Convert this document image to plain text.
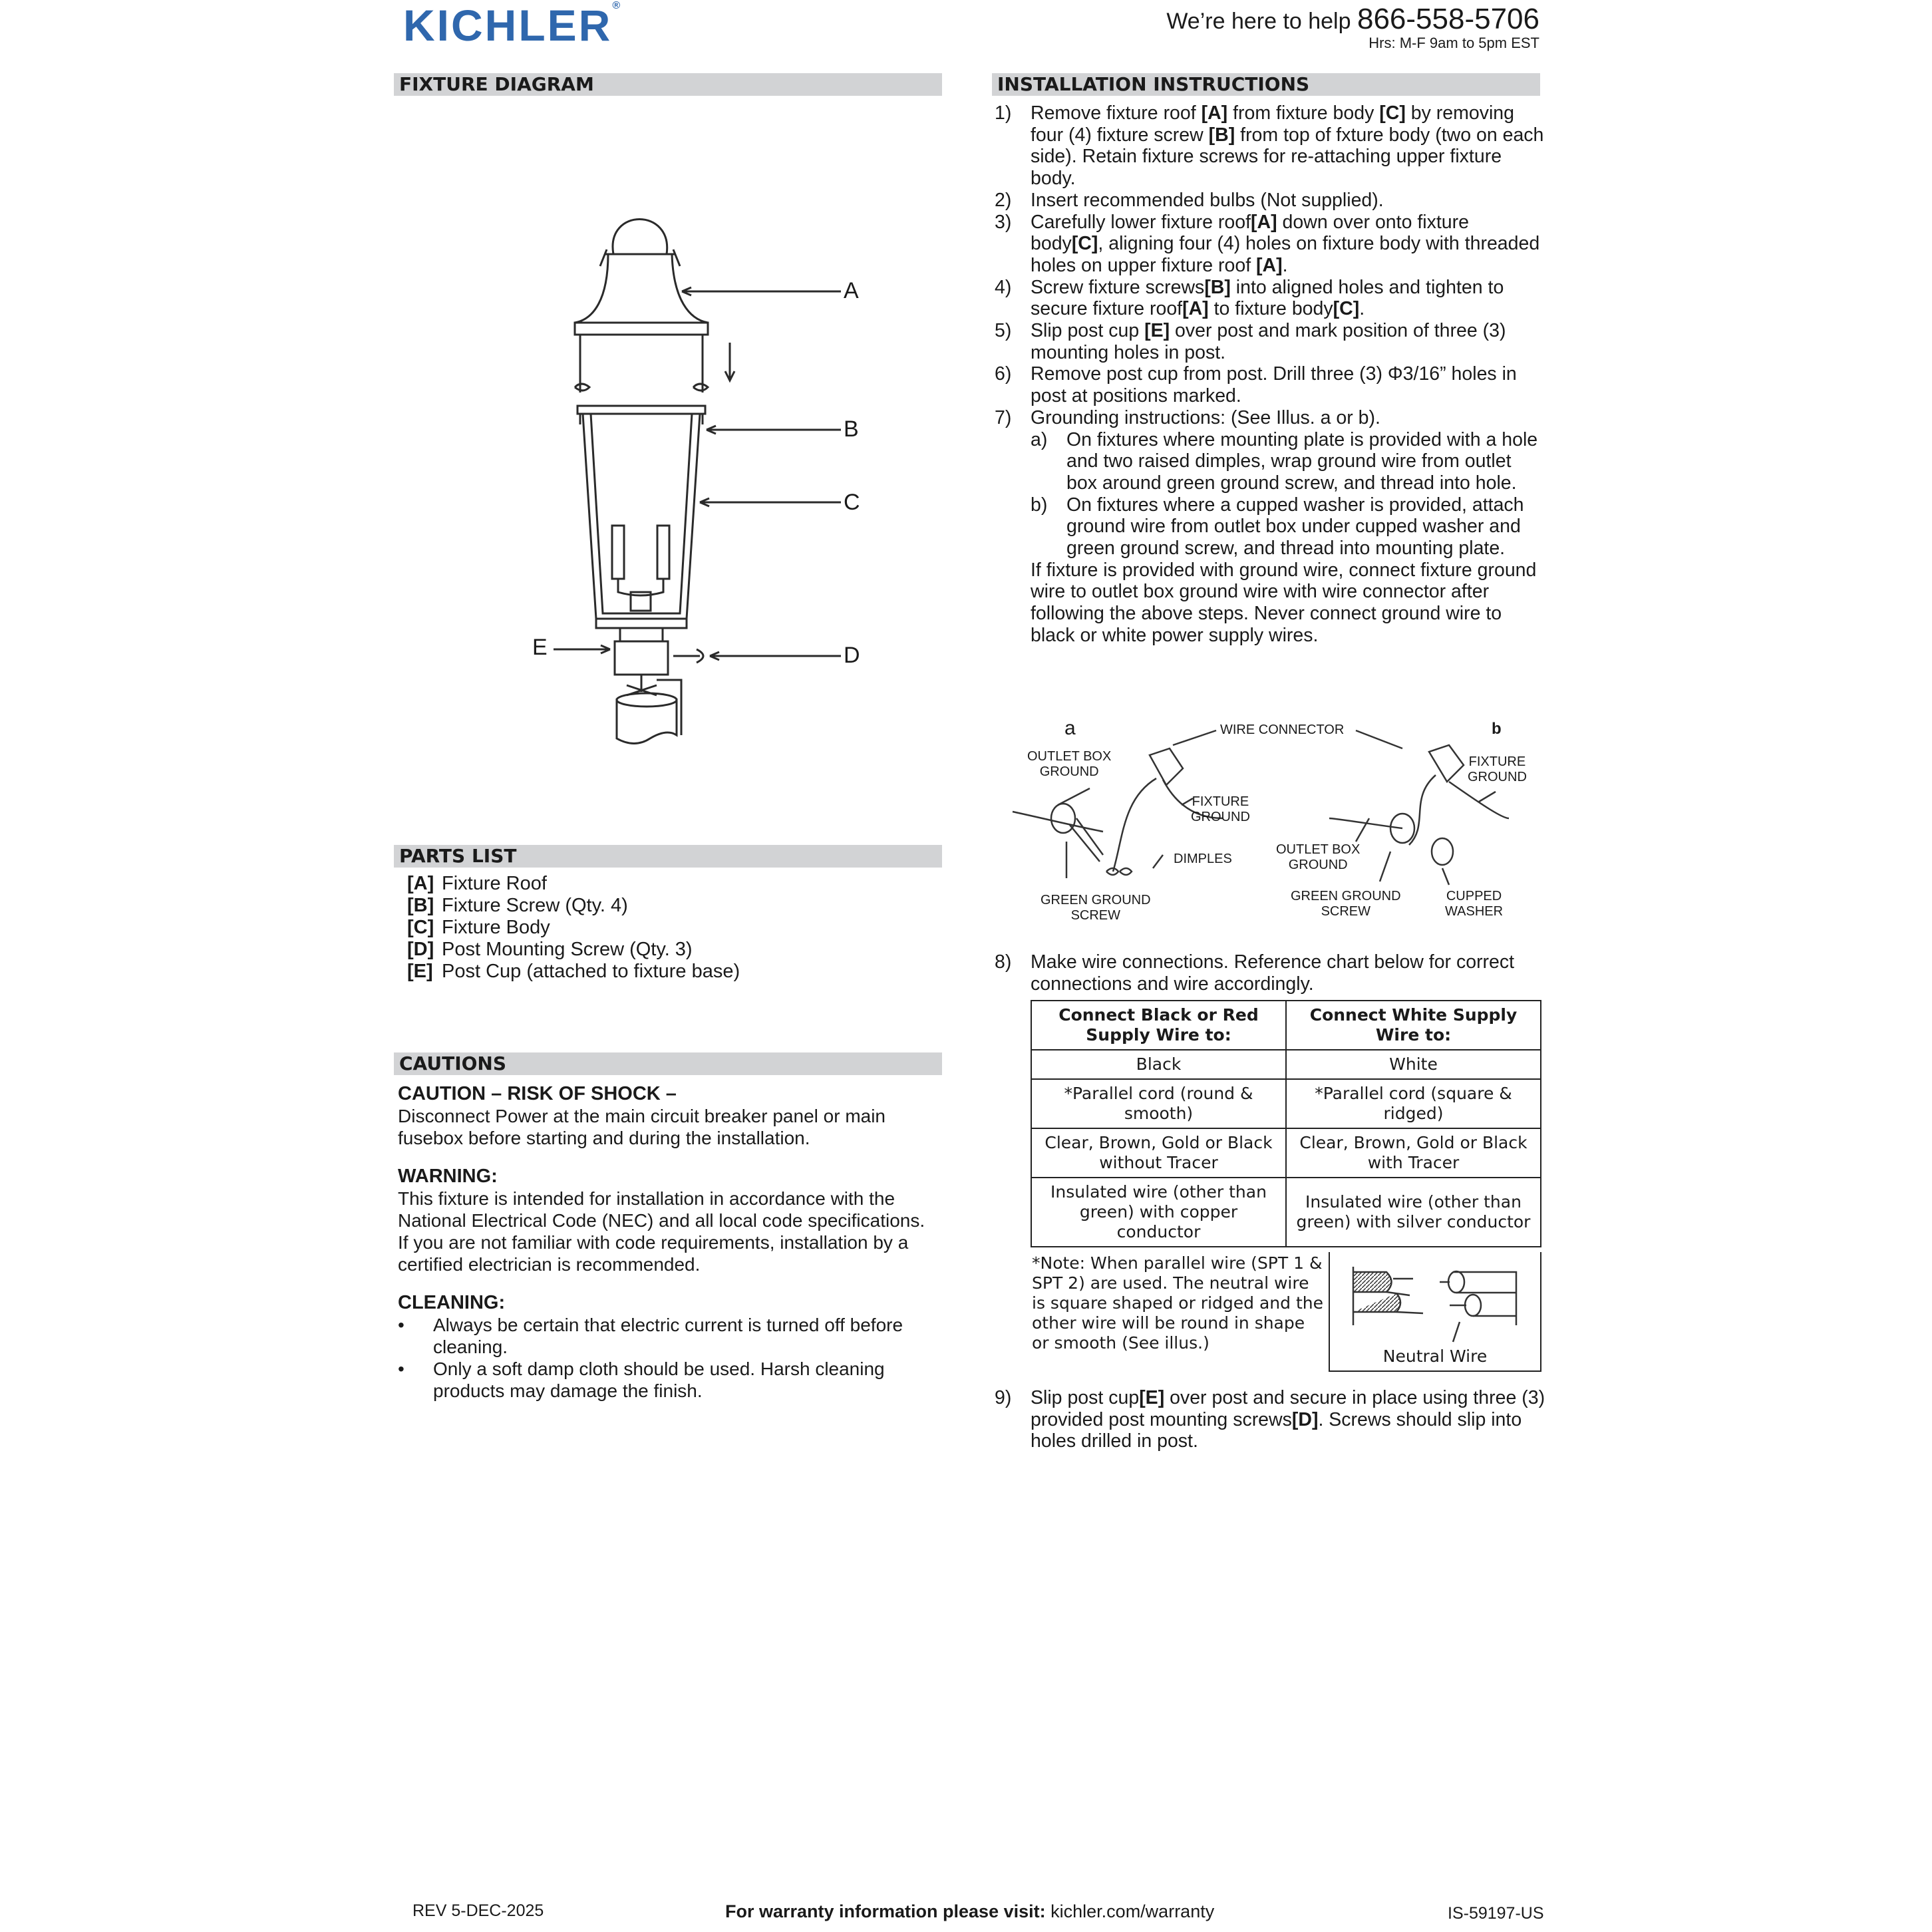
KICHLER®
We’re here to help 866-558-5706
Hrs: M-F 9am to 5pm EST
FIXTURE DIAGRAM	INSTALLATION INSTRUCTIONS
PARTS LIST
CAUTIONS
A
B
C
D
E
[A] Fixture Roof
[B] Fixture Screw (Qty. 4)
[C] Fixture Body
[D] Post Mounting Screw (Qty. 3)
[E] Post Cup (attached to fixture base)
CAUTION – RISK OF SHOCK –

Disconnect Power at the main circuit breaker panel or main fusebox before starting and during the installation.

WARNING:

This fixture is intended for installation in accordance with the National Electrical Code (NEC) and all local code specifications. If you are not familiar with code requirements, installation by a certified electrician is recommended.

CLEANING:
• Always be certain that electric current is turned off before cleaning.
• Only a soft damp cloth should be used. Harsh cleaning products may damage the finish.
1) Remove fixture roof [A] from fixture body [C] by removing four (4) fixture screw [B] from top of fxture body (two on each side). Retain fixture screws for re-attaching upper fixture body.
2) Insert recommended bulbs (Not supplied).
3) Carefully lower fixture roof[A] down over onto fixture body[C], aligning four (4) holes on fixture body with threaded holes on upper fixture roof [A].
4) Screw fixture screws[B] into aligned holes and tighten to secure fixture roof[A] to fixture body[C].
5) Slip post cup [E] over post and mark position of three (3) mounting holes in post.
6) Remove post cup from post. Drill three (3) Φ3/16” holes in post at positions marked.
7) Grounding instructions: (See Illus. a or b).
a) On fixtures where mounting plate is provided with a hole and two raised dimples, wrap ground wire from outlet box around green ground screw, and thread into hole.
b) On fixtures where a cupped washer is provided, attach ground wire from outlet box under cupped washer and green ground screw, and thread into mounting plate.
If fixture is provided with ground wire, connect fixture ground wire to outlet box ground wire with wire connector after following the above steps. Never connect ground wire to black or white power supply wires.
a	b
WIRE CONNECTOR
OUTLET BOX
GROUND
FIXTURE
GROUND
DIMPLES
GREEN GROUND
SCREW
FIXTURE
GROUND
OUTLET BOX
GROUND
GREEN GROUND
SCREW
CUPPED
WASHER
8) Make wire connections. Reference chart below for correct connections and wire accordingly.
Connect Black or Red Supply Wire to:	Connect White Supply Wire to:
Black	White
*Parallel cord (round & smooth)	*Parallel cord (square & ridged)
Clear, Brown, Gold or Black without Tracer	Clear, Brown, Gold or Black with Tracer
Insulated wire (other than green) with copper conductor	Insulated wire (other than green) with silver conductor
*Note: When parallel wire (SPT 1 & SPT 2) are used. The neutral wire is square shaped or ridged and the other wire will be round in shape or smooth (See illus.)
Neutral Wire
9) Slip post cup[E] over post and secure in place using three (3) provided post mounting screws[D]. Screws should slip into holes drilled in post.
REV 5-DEC-2025	For warranty information please visit: kichler.com/warranty	IS-59197-US
